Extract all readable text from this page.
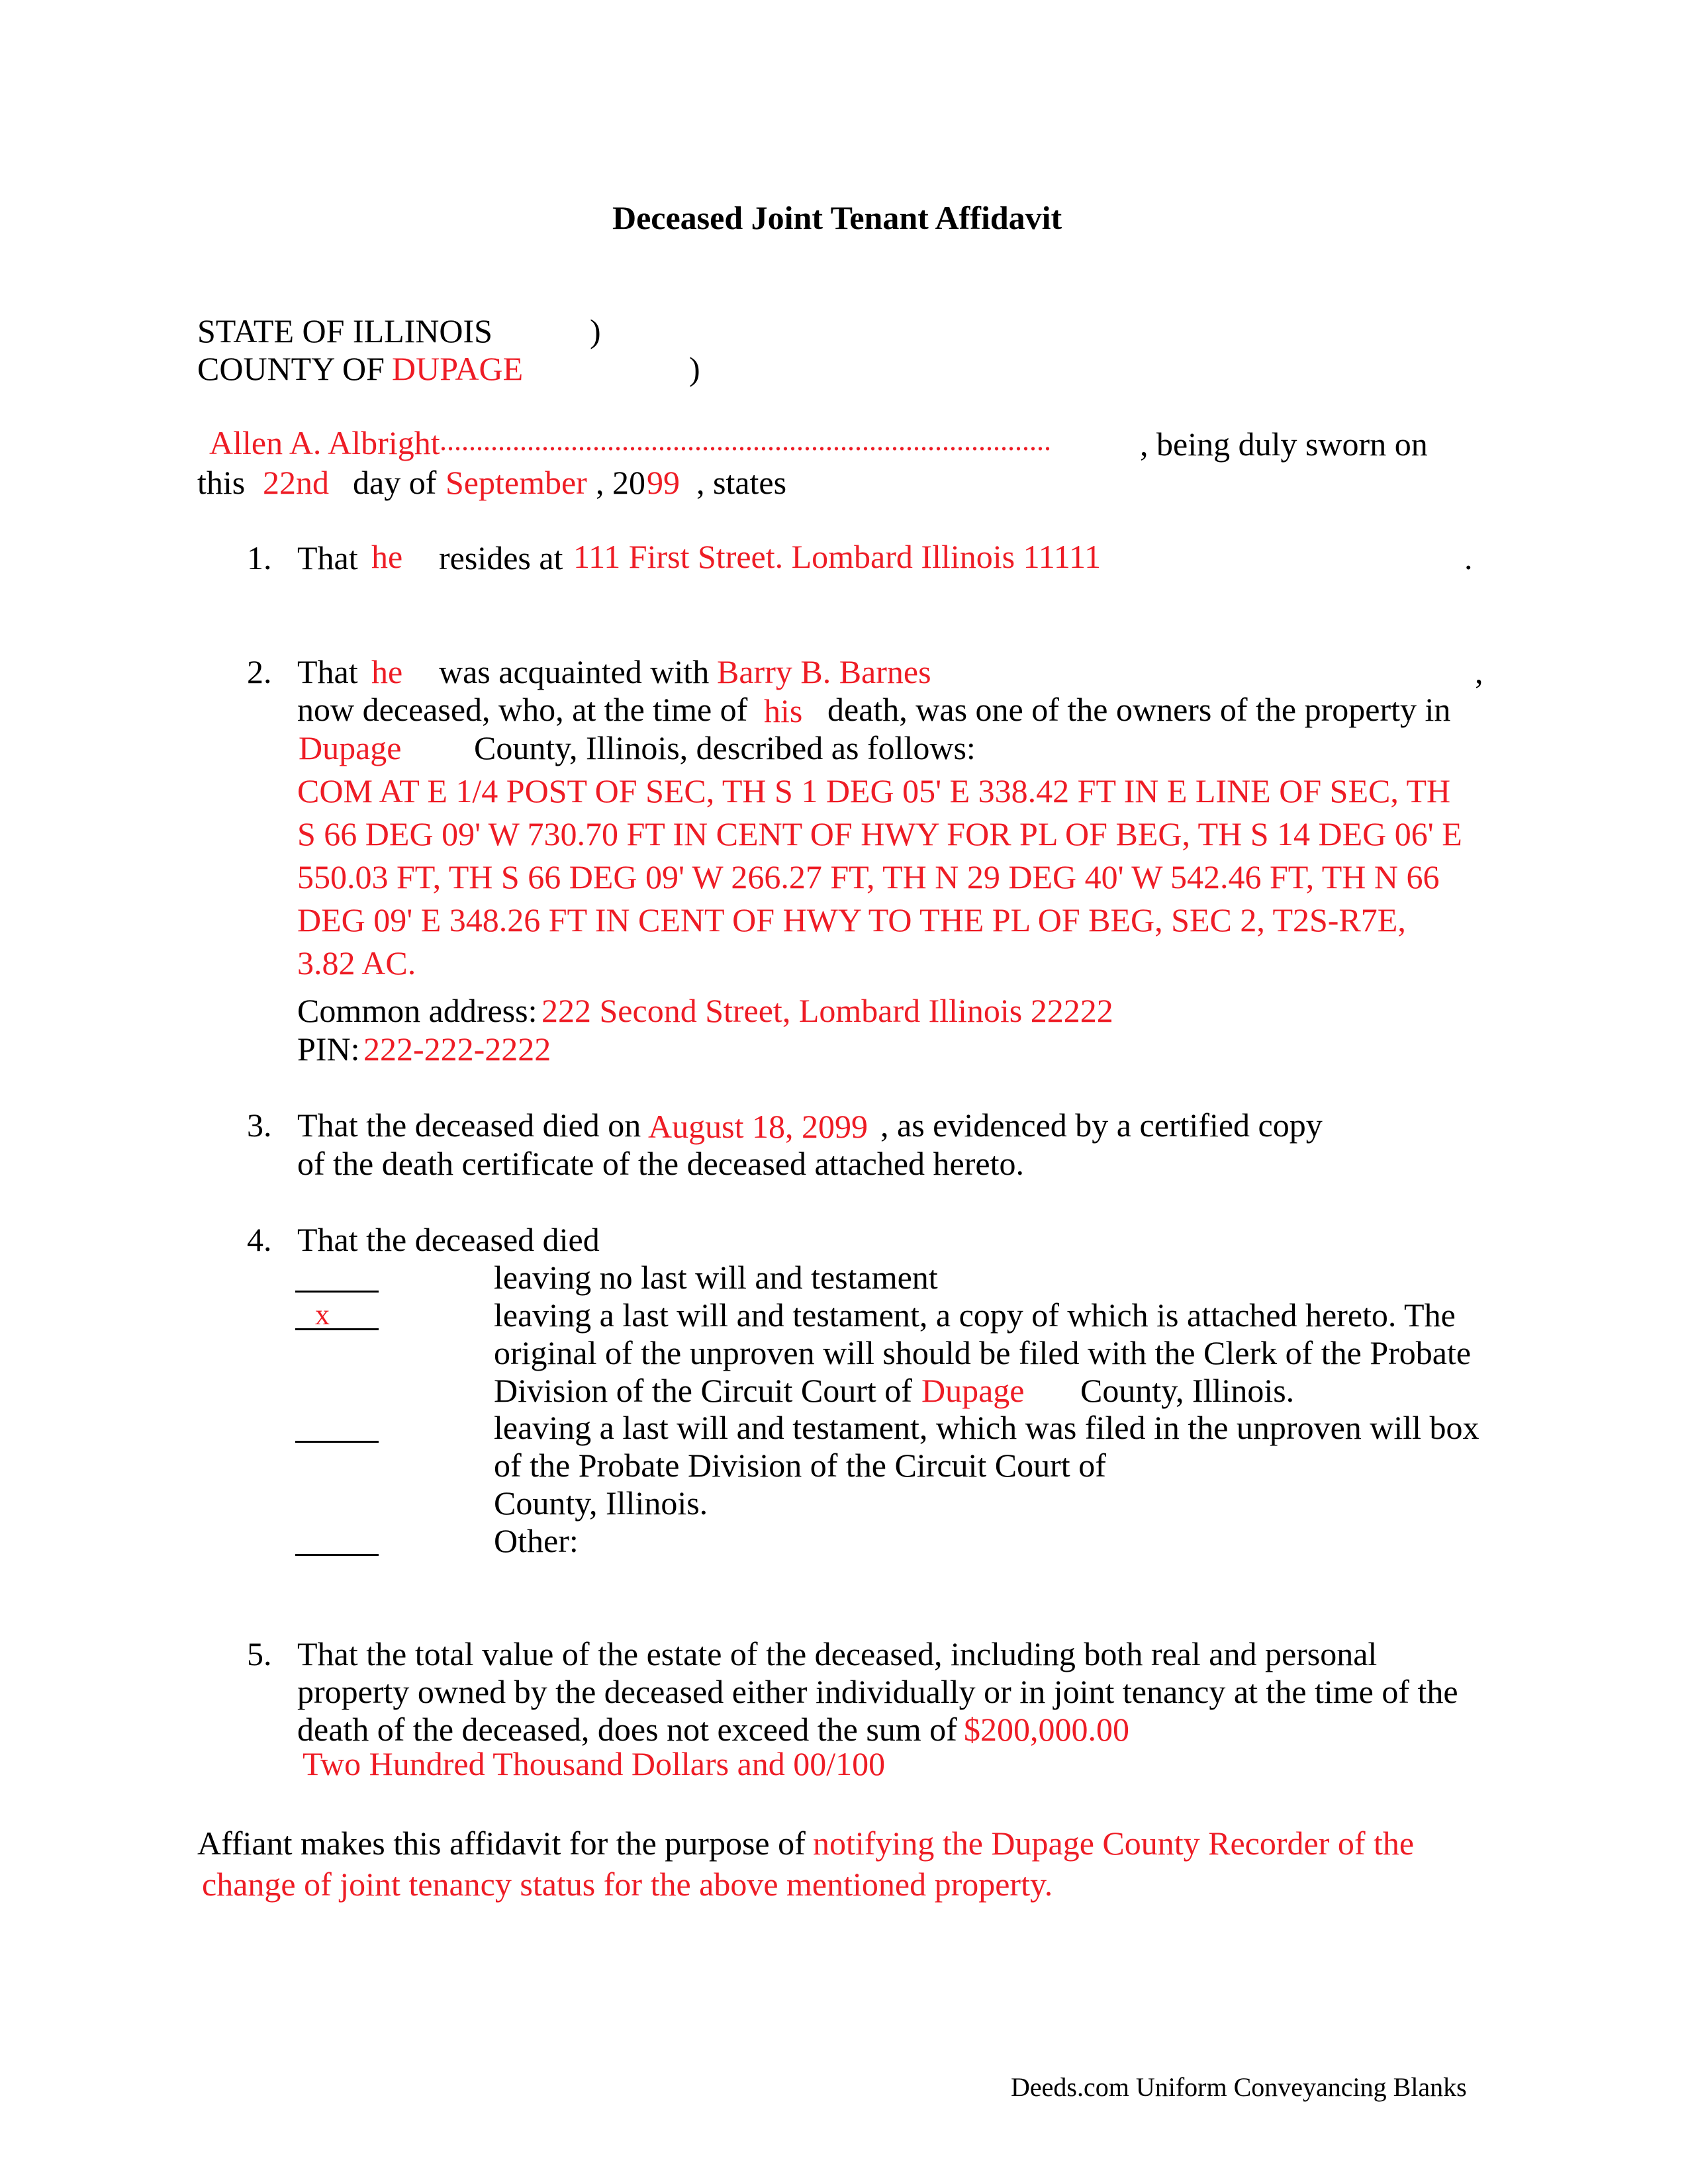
Deceased Joint Tenant Affidavit
STATE OF ILLINOIS	)
COUNTY OF DUPAGE	)
Allen A. Albright ....................................................................................	, being duly sworn on
this 22nd day of September , 20 99 , states
1. That he resides at 111 First Street. Lombard Illinois 11111	.
2. That he was acquainted with Barry B. Barnes	,
now deceased, who, at the time of his death, was one of the owners of the property in
Dupage County, Illinois, described as follows:
COM AT E 1/4 POST OF SEC, TH S 1 DEG 05' E 338.42 FT IN E LINE OF SEC, TH
S 66 DEG 09' W 730.70 FT IN CENT OF HWY FOR PL OF BEG, TH S 14 DEG 06' E
550.03 FT, TH S 66 DEG 09' W 266.27 FT, TH N 29 DEG 40' W 542.46 FT, TH N 66
DEG 09' E 348.26 FT IN CENT OF HWY TO THE PL OF BEG, SEC 2, T2S-R7E,
3.82 AC.
Common address: 222 Second Street, Lombard Illinois 22222
PIN: 222-222-2222
3. That the deceased died on August 18, 2099 , as evidenced by a certified copy
of the death certificate of the deceased attached hereto.
4. That the deceased died
leaving no last will and testament
x	leaving a last will and testament, a copy of which is attached hereto. The
original of the unproven will should be filed with the Clerk of the Probate
Division of the Circuit Court of Dupage County, Illinois.
leaving a last will and testament, which was filed in the unproven will box
of the Probate Division of the Circuit Court of
County, Illinois.
Other:
5. That the total value of the estate of the deceased, including both real and personal
property owned by the deceased either individually or in joint tenancy at the time of the
death of the deceased, does not exceed the sum of $200,000.00
Two Hundred Thousand Dollars and 00/100
Affiant makes this affidavit for the purpose of notifying the Dupage County Recorder of the
change of joint tenancy status for the above mentioned property.
Deeds.com Uniform Conveyancing Blanks
